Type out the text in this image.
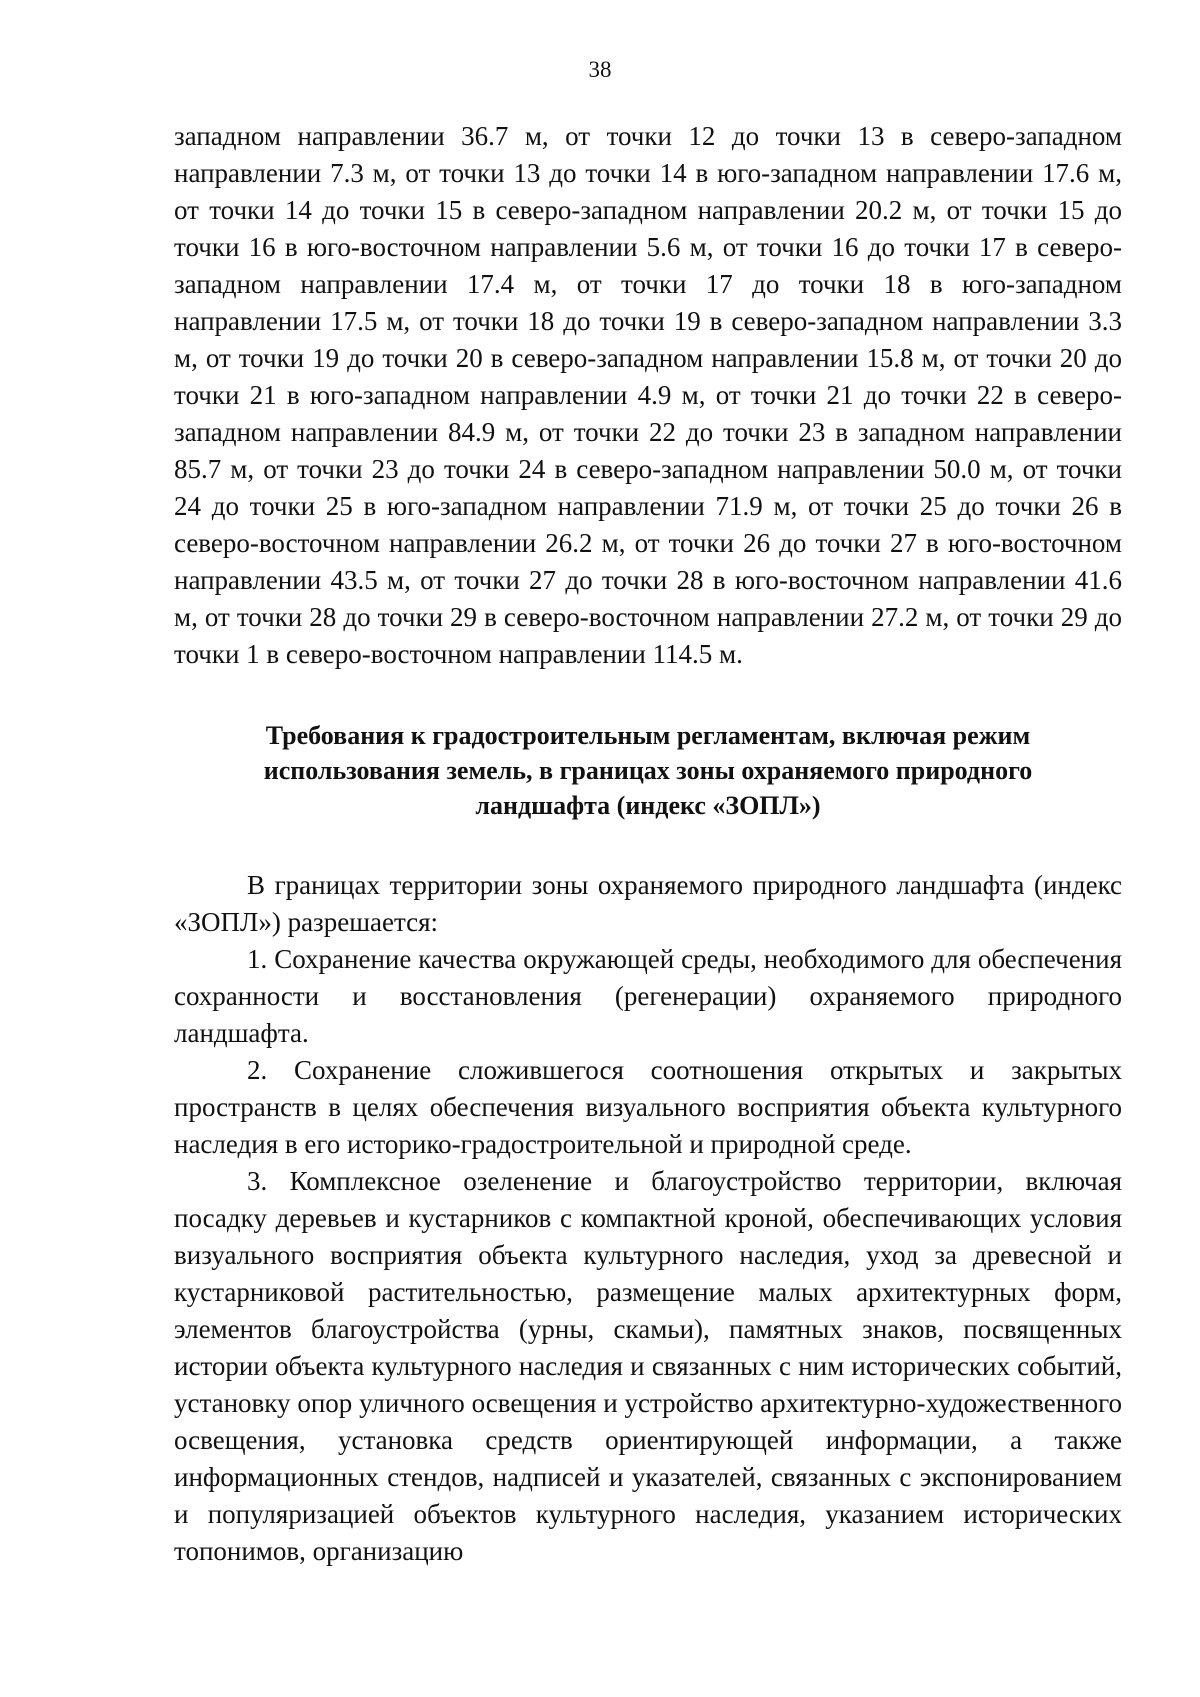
38

западном направлении 36.7 м, от точки 12 до точки 13 в северо-западном направлении 7.3 м, от точки 13 до точки 14 в юго-западном направлении 17.6 м, от точки 14 до точки 15 в северо-западном направлении 20.2 м, от точки 15 до точки 16 в юго-восточном направлении 5.6 м, от точки 16 до точки 17 в северо-западном направлении 17.4 м, от точки 17 до точки 18 в юго-западном направлении 17.5 м, от точки 18 до точки 19 в северо-западном направлении 3.3 м, от точки 19 до точки 20 в северо-западном направлении 15.8 м, от точки 20 до точки 21 в юго-западном направлении 4.9 м, от точки 21 до точки 22 в северо-западном направлении 84.9 м, от точки 22 до точки 23 в западном направлении 85.7 м, от точки 23 до точки 24 в северо-западном направлении 50.0 м, от точки 24 до точки 25 в юго-западном направлении 71.9 м, от точки 25 до точки 26 в северо-восточном направлении 26.2 м, от точки 26 до точки 27 в юго-восточном направлении 43.5 м, от точки 27 до точки 28 в юго-восточном направлении 41.6 м, от точки 28 до точки 29 в северо-восточном направлении 27.2 м, от точки 29 до точки 1 в северо-восточном направлении 114.5 м.

Требования к градостроительным регламентам, включая режим использования земель, в границах зоны охраняемого природного ландшафта (индекс «ЗОПЛ»)

В границах территории зоны охраняемого природного ландшафта (индекс «ЗОПЛ») разрешается:

1. Сохранение качества окружающей среды, необходимого для обеспечения сохранности и восстановления (регенерации) охраняемого природного ландшафта.

2. Сохранение сложившегося соотношения открытых и закрытых пространств в целях обеспечения визуального восприятия объекта культурного наследия в его историко-градостроительной и природной среде.

3. Комплексное озеленение и благоустройство территории, включая посадку деревьев и кустарников с компактной кроной, обеспечивающих условия визуального восприятия объекта культурного наследия, уход за древесной и кустарниковой растительностью, размещение малых архитектурных форм, элементов благоустройства (урны, скамьи), памятных знаков, посвященных истории объекта культурного наследия и связанных с ним исторических событий, установку опор уличного освещения и устройство архитектурно-художественного освещения, установка средств ориентирующей информации, а также информационных стендов, надписей и указателей, связанных с экспонированием и популяризацией объектов культурного наследия, указанием исторических топонимов, организацию
